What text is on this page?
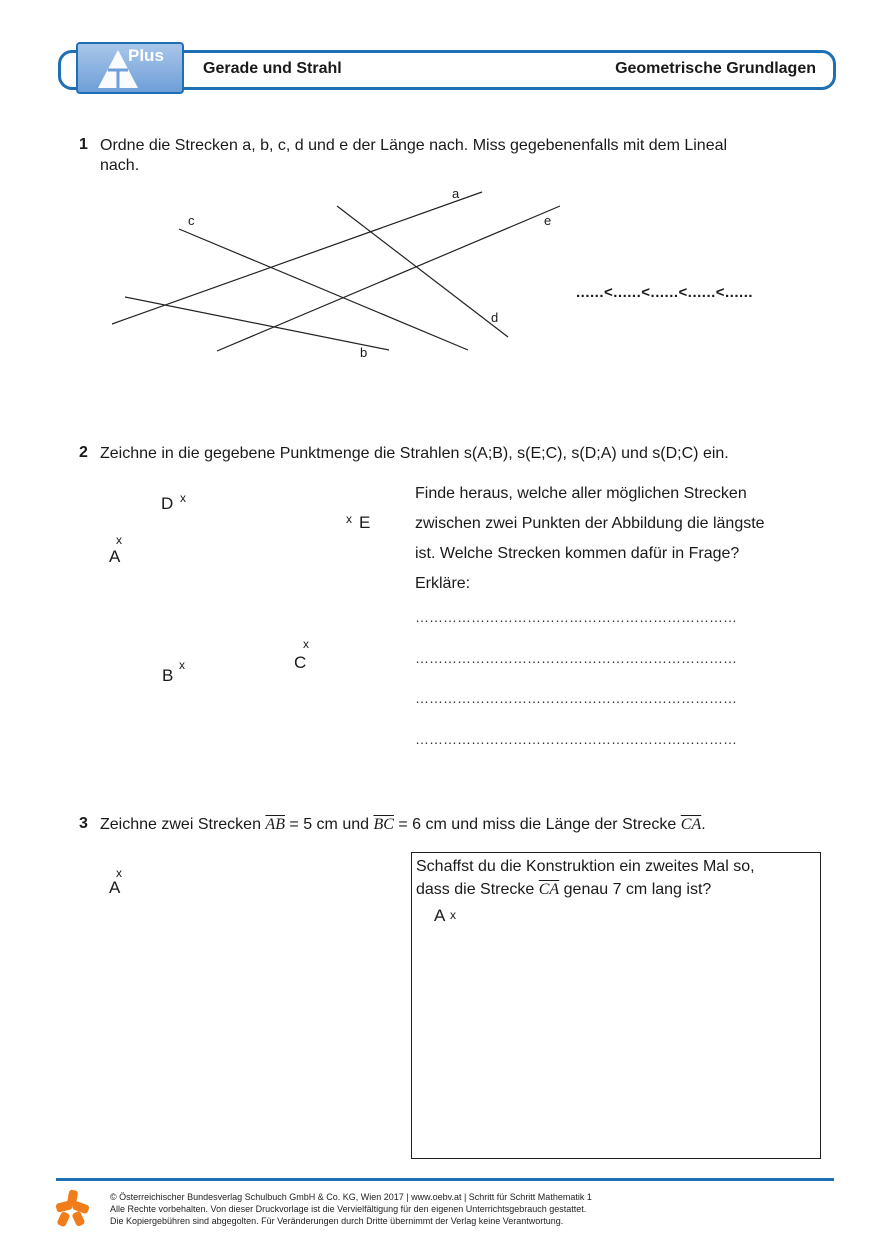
Plus
Gerade und Strahl	Geometrische Grundlagen
1 Ordne die Strecken a, b, c, d und e der Länge nach. Miss gegebenenfalls mit dem Lineal
nach.
a
b
c
d
e
......<......<......<......<......
2 Zeichne in die gegebene Punktmenge die Strahlen s(A;B), s(E;C), s(D;A) und s(D;C) ein.
D x
x E
x
A
x
C
B
x
Finde heraus, welche aller möglichen Strecken
zwischen zwei Punkten der Abbildung die längste
ist. Welche Strecken kommen dafür in Frage?
Erkläre:
……………………………………………………………
……………………………………………………………
……………………………………………………………
……………………………………………………………
3 Zeichne zwei Strecken $\overline{AB} = 5$ cm und $\overline{BC} = 6$ cm und miss die Länge der Strecke $\overline{CA}$.
x
A
Schaffst du die Konstruktion ein zweites Mal so,
dass die Strecke $\overline{CA}$ genau 7 cm lang ist?
A x
© Österreichischer Bundesverlag Schulbuch GmbH & Co. KG, Wien 2017 | www.oebv.at | Schritt für Schritt Mathematik 1
Alle Rechte vorbehalten. Von dieser Druckvorlage ist die Vervielfältigung für den eigenen Unterrichtsgebrauch gestattet.
Die Kopiergebühren sind abgegolten. Für Veränderungen durch Dritte übernimmt der Verlag keine Verantwortung.
